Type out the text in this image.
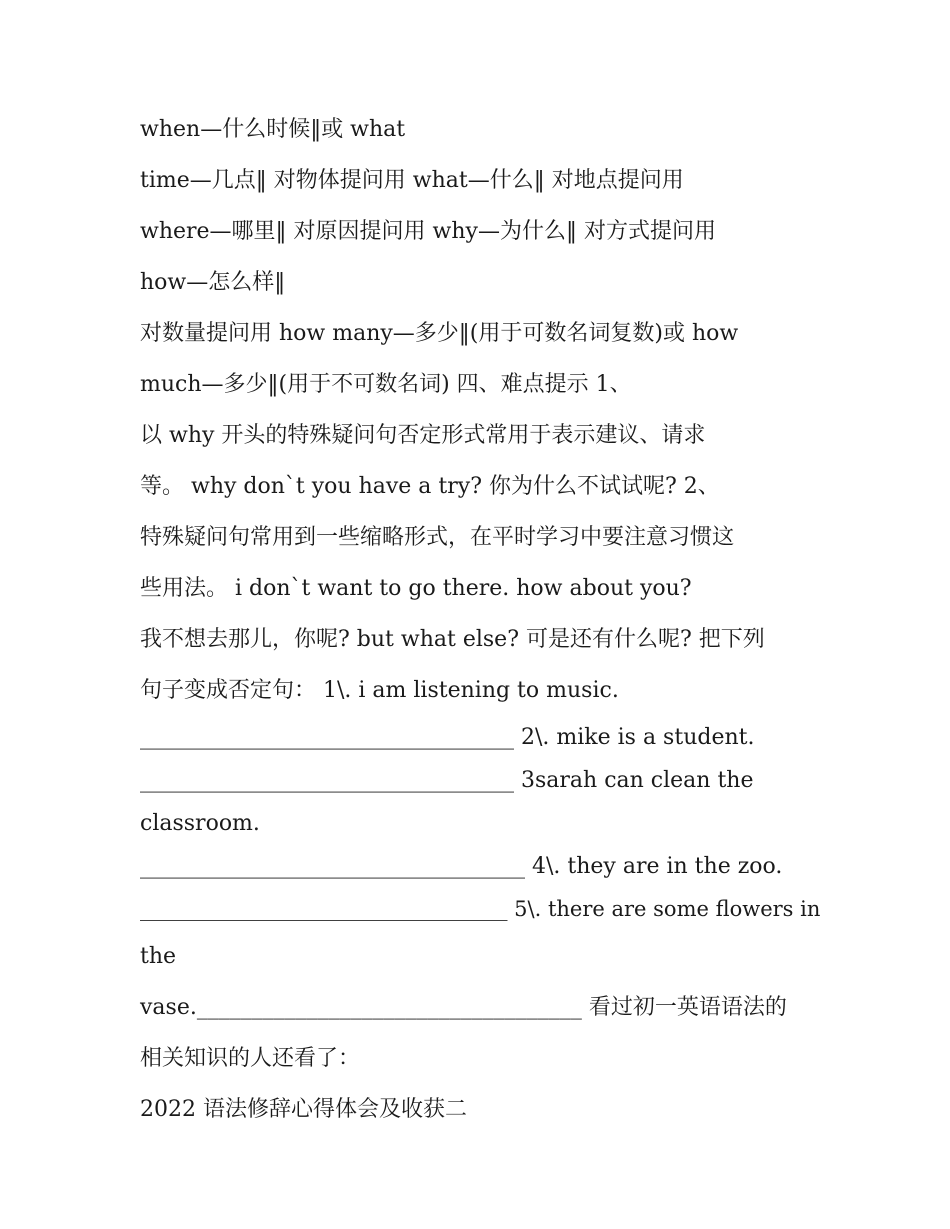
when—什么时候‖或 what
time—几点‖ 对物体提问用 what—什么‖ 对地点提问用
where—哪里‖ 对原因提问用 why—为什么‖ 对方式提问用
how—怎么样‖
对数量提问用 how many—多少‖(用于可数名词复数)或 how
much—多少‖(用于不可数名词) 四、难点提示 1、
以 why 开头的特殊疑问句否定形式常用于表示建议、请求
等。 why don`t you have a try? 你为什么不试试呢? 2、
特殊疑问句常用到一些缩略形式，在平时学习中要注意习惯这
些用法。 i don`t want to go there. how about you?
我不想去那儿，你呢? but what else? 可是还有什么呢? 把下列
句子变成否定句： 1\. i am listening to music.
__________________________________ 2\. mike is a student.
__________________________________ 3sarah can clean the
classroom.
___________________________________ 4\. they are in the zoo.
___________________________________ 5\. there are some flowers in
the
vase.___________________________________ 看过初一英语语法的
相关知识的人还看了：
2022 语法修辞心得体会及收获二
